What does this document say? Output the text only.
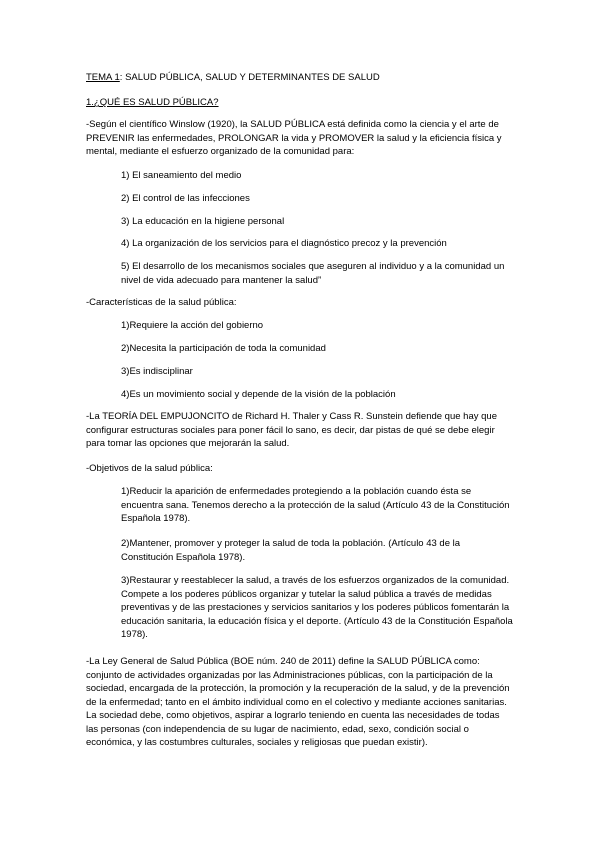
TEMA 1: SALUD PÚBLICA, SALUD Y DETERMINANTES DE SALUD

1.¿QUÉ ES SALUD PÚBLICA?

-Según el científico Winslow (1920), la SALUD PÚBLICA está definida como la ciencia y el arte de PREVENIR las enfermedades, PROLONGAR la vida y PROMOVER la salud y la eficiencia física y mental, mediante el esfuerzo organizado de la comunidad para:

1) El saneamiento del medio

2) El control de las infecciones

3) La educación en la higiene personal

4) La organización de los servicios para el diagnóstico precoz y la prevención

5) El desarrollo de los mecanismos sociales que aseguren al individuo y a la comunidad un nivel de vida adecuado para mantener la salud”

-Características de la salud pública:

1)Requiere la acción del gobierno

2)Necesita la participación de toda la comunidad

3)Es indisciplinar

4)Es un movimiento social y depende de la visión de la población

-La TEORÍA DEL EMPUJONCITO de Richard H. Thaler y Cass R. Sunstein defiende que hay que configurar estructuras sociales para poner fácil lo sano, es decir, dar pistas de qué se debe elegir para tomar las opciones que mejorarán la salud.

-Objetivos de la salud pública:

1)Reducir la aparición de enfermedades protegiendo a la población cuando ésta se encuentra sana. Tenemos derecho a la protección de la salud (Artículo 43 de la Constitución Española 1978).

2)Mantener, promover y proteger la salud de toda la población. (Artículo 43 de la Constitución Española 1978).

3)Restaurar y reestablecer la salud, a través de los esfuerzos organizados de la comunidad. Compete a los poderes públicos organizar y tutelar la salud pública a través de medidas preventivas y de las prestaciones y servicios sanitarios y los poderes públicos fomentarán la educación sanitaria, la educación física y el deporte. (Artículo 43 de la Constitución Española 1978).

-La Ley General de Salud Pública (BOE núm. 240 de 2011) define la SALUD PÚBLICA como: conjunto de actividades organizadas por las Administraciones públicas, con la participación de la sociedad, encargada de la protección, la promoción y la recuperación de la salud, y de la prevención de la enfermedad; tanto en el ámbito individual como en el colectivo y mediante acciones sanitarias. La sociedad debe, como objetivos, aspirar a lograrlo teniendo en cuenta las necesidades de todas las personas (con independencia de su lugar de nacimiento, edad, sexo, condición social o económica, y las costumbres culturales, sociales y religiosas que puedan existir).
